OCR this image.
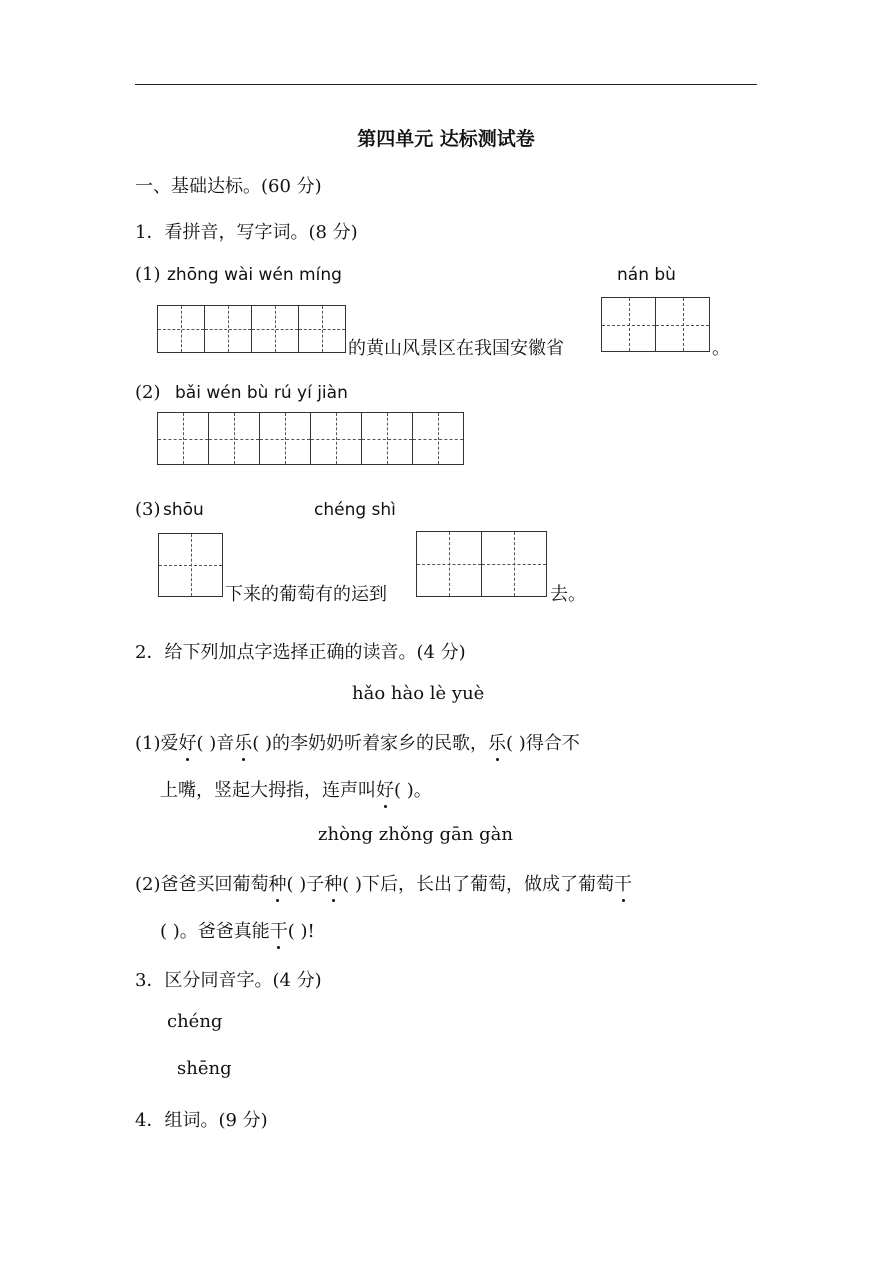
第四单元 达标测试卷
一、基础达标。(60 分)
1．看拼音，写字词。(8 分)
(1) zhōng wài wén míng	nán bù
的黄山风景区在我国安徽省	。
(2) bǎi wén bù rú yí jiàn
(3) shōu	chéng shì
下来的葡萄有的运到	去。
2．给下列加点字选择正确的读音。(4 分)
hǎo hào lè yuè
(1)爱好( )音乐( )的李奶奶听着家乡的民歌，乐( )得合不
上嘴，竖起大拇指，连声叫好( )。
zhòng zhǒng gān gàn
(2)爸爸买回葡萄种( )子种( )下后，长出了葡萄，做成了葡萄干
( )。爸爸真能干( )!
3．区分同音字。(4 分)
chéng
shēng
4．组词。(9 分)
